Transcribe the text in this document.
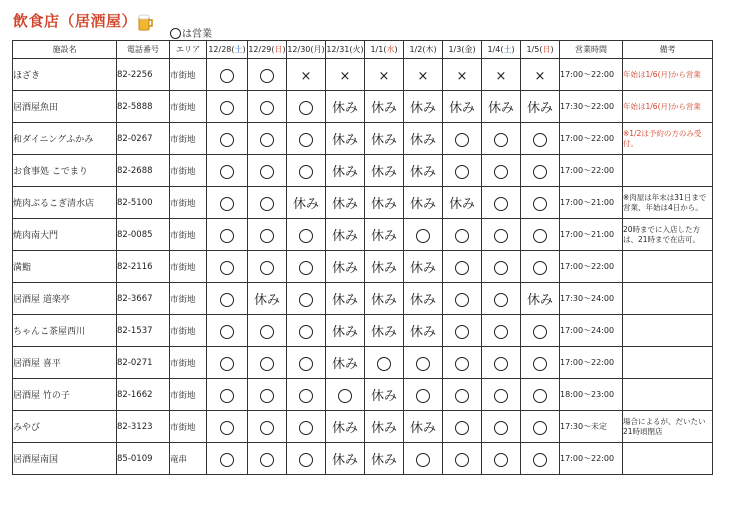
飲食店（居酒屋）
は営業
施設名	電話番号	エリア	12/28(土)	12/29(日)	12/30(月)	12/31(火)	1/1(水)	1/2(木)	1/3(金)	1/4(土)	1/5(日)	営業時間	備考
ほざき	82-2256	市街地			×	×	×	×	×	×	×	17:00～22:00	年始は1/6(月)から営業
居酒屋魚田	82-5888	市街地				休み	休み	休み	休み	休み	休み	17:30～22:00	年始は1/6(月)から営業
和ダイニングふかみ	82-0267	市街地				休み	休み	休み				17:00～22:00	※1/2は予約の方のみ受付。
お食事処 こでまり	82-2688	市街地				休み	休み	休み				17:00～22:00	
焼肉ぶるこぎ清水店	82-5100	市街地			休み	休み	休み	休み	休み			17:00～21:00	※肉屋は年末は31日まで営業、年始は4日から。
焼肉南大門	82-0085	市街地				休み	休み					17:00～21:00	20時までに入店した方は、21時まで在店可。
満鮨	82-2116	市街地				休み	休み	休み				17:00～22:00	
居酒屋 道楽亭	82-3667	市街地		休み		休み	休み	休み			休み	17:30～24:00	
ちゃんこ茶屋西川	82-1537	市街地				休み	休み	休み				17:00～24:00	
居酒屋 喜平	82-0271	市街地				休み						17:00～22:00	
居酒屋 竹の子	82-1662	市街地					休み					18:00～23:00	
みやび	82-3123	市街地				休み	休み	休み				17:30～未定	場合によるが、だいたい21時頃閉店
居酒屋南国	85-0109	竜串				休み	休み					17:00～22:00	
